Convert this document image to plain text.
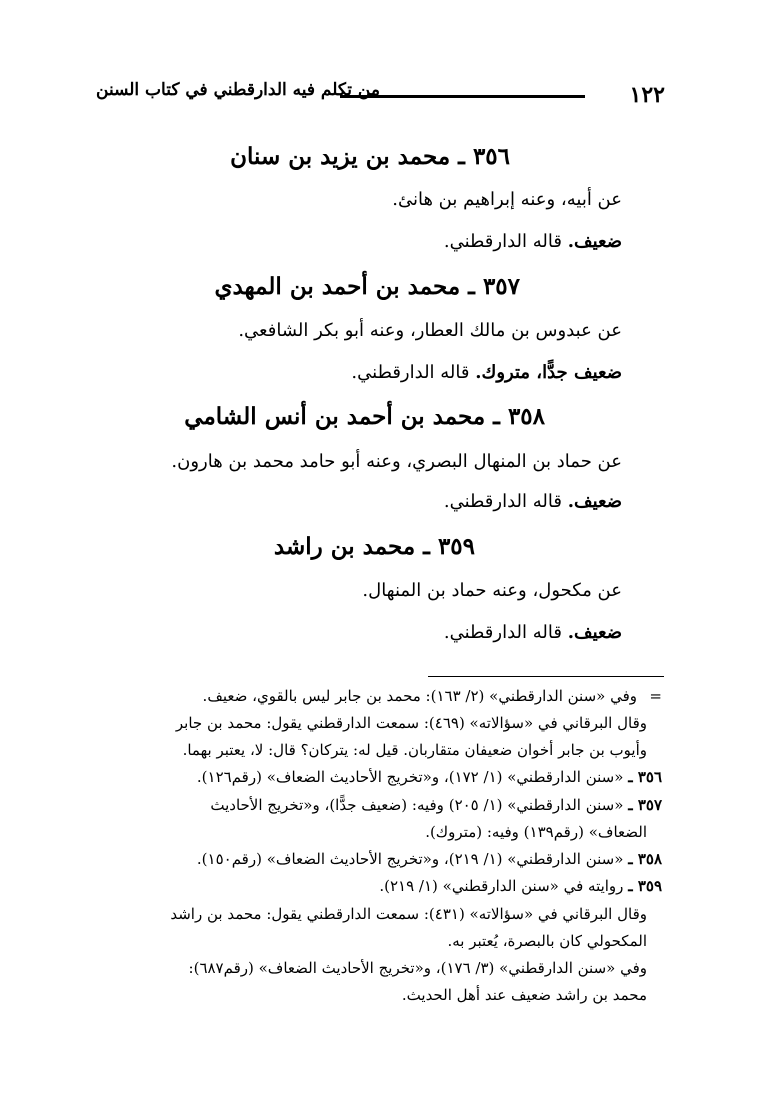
١٢٢
من تكلم فيه الدارقطني في كتاب السنن
٣٥٦ ـ محمد بن يزيد بن سنان
عن أبيه، وعنه إبراهيم بن هانئ.
ضعيف. قاله الدارقطني.
٣٥٧ ـ محمد بن أحمد بن المهدي
عن عبدوس بن مالك العطار، وعنه أبو بكر الشافعي.
ضعيف جدًّا، متروك. قاله الدارقطني.
٣٥٨ ـ محمد بن أحمد بن أنس الشامي
عن حماد بن المنهال البصري، وعنه أبو حامد محمد بن هارون.
ضعيف. قاله الدارقطني.
٣٥٩ ـ محمد بن راشد
عن مكحول، وعنه حماد بن المنهال.
ضعيف. قاله الدارقطني.
=
وفي «سنن الدارقطني» (٢/ ١٦٣): محمد بن جابر ليس بالقوي، ضعيف.
وقال البرقاني في «سؤالاته» (٤٦٩): سمعت الدارقطني يقول: محمد بن جابر
وأيوب بن جابر أخوان ضعيفان متقاربان. قيل له: يتركان؟ قال: لا، يعتبر بهما.
٣٥٦ ـ «سنن الدارقطني» (١/ ١٧٢)، و«تخريج الأحاديث الضعاف» (رقم١٢٦).
٣٥٧ ـ «سنن الدارقطني» (١/ ٢٠٥) وفيه: (ضعيف جدًّا)، و«تخريج الأحاديث
الضعاف» (رقم١٣٩) وفيه: (متروك).
٣٥٨ ـ «سنن الدارقطني» (١/ ٢١٩)، و«تخريج الأحاديث الضعاف» (رقم١٥٠).
٣٥٩ ـ روايته في «سنن الدارقطني» (١/ ٢١٩).
وقال البرقاني في «سؤالاته» (٤٣١): سمعت الدارقطني يقول: محمد بن راشد
المكحولي كان بالبصرة، يُعتبر به.
وفي «سنن الدارقطني» (٣/ ١٧٦)، و«تخريج الأحاديث الضعاف» (رقم٦٨٧):
محمد بن راشد ضعيف عند أهل الحديث.
